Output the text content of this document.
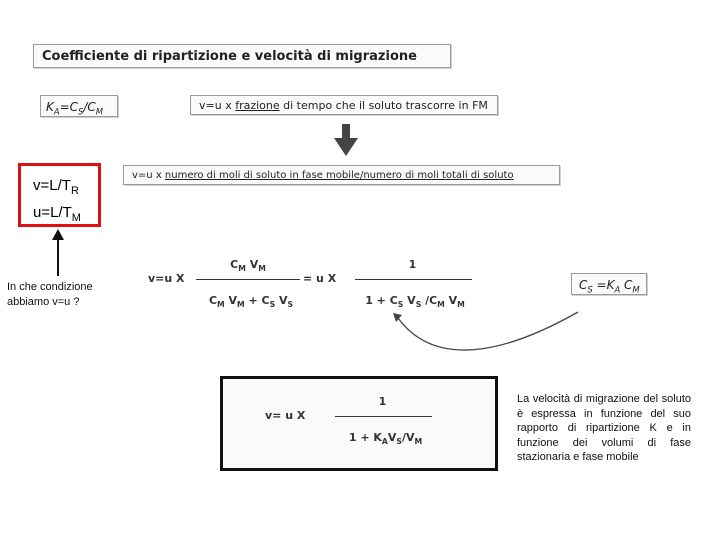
Coefficiente di ripartizione e velocità di migrazione
$K_A=C_S/C_M$	v=u x frazione di tempo che il soluto trascorre in FM
v=u x numero di moli di soluto in fase mobile/numero di moli totali di soluto
$v=L/T_R$
$u=L/T_M$
In che condizione abbiamo v=u ?
v=u X
$C_M$ $V_M$
$C_M$ $V_M + C_S$ $V_S$
= u X
1
$1 + C_S$ $V_S$ $/C_M$ $V_M$
$C_S =K_A$ $C_M$
v= u X
1
$1 + K_AV_S/V_M$
La velocità di migrazione del soluto è espressa in funzione del suo rapporto di ripartizione K e in funzione dei volumi di fase stazionaria e fase mobile
